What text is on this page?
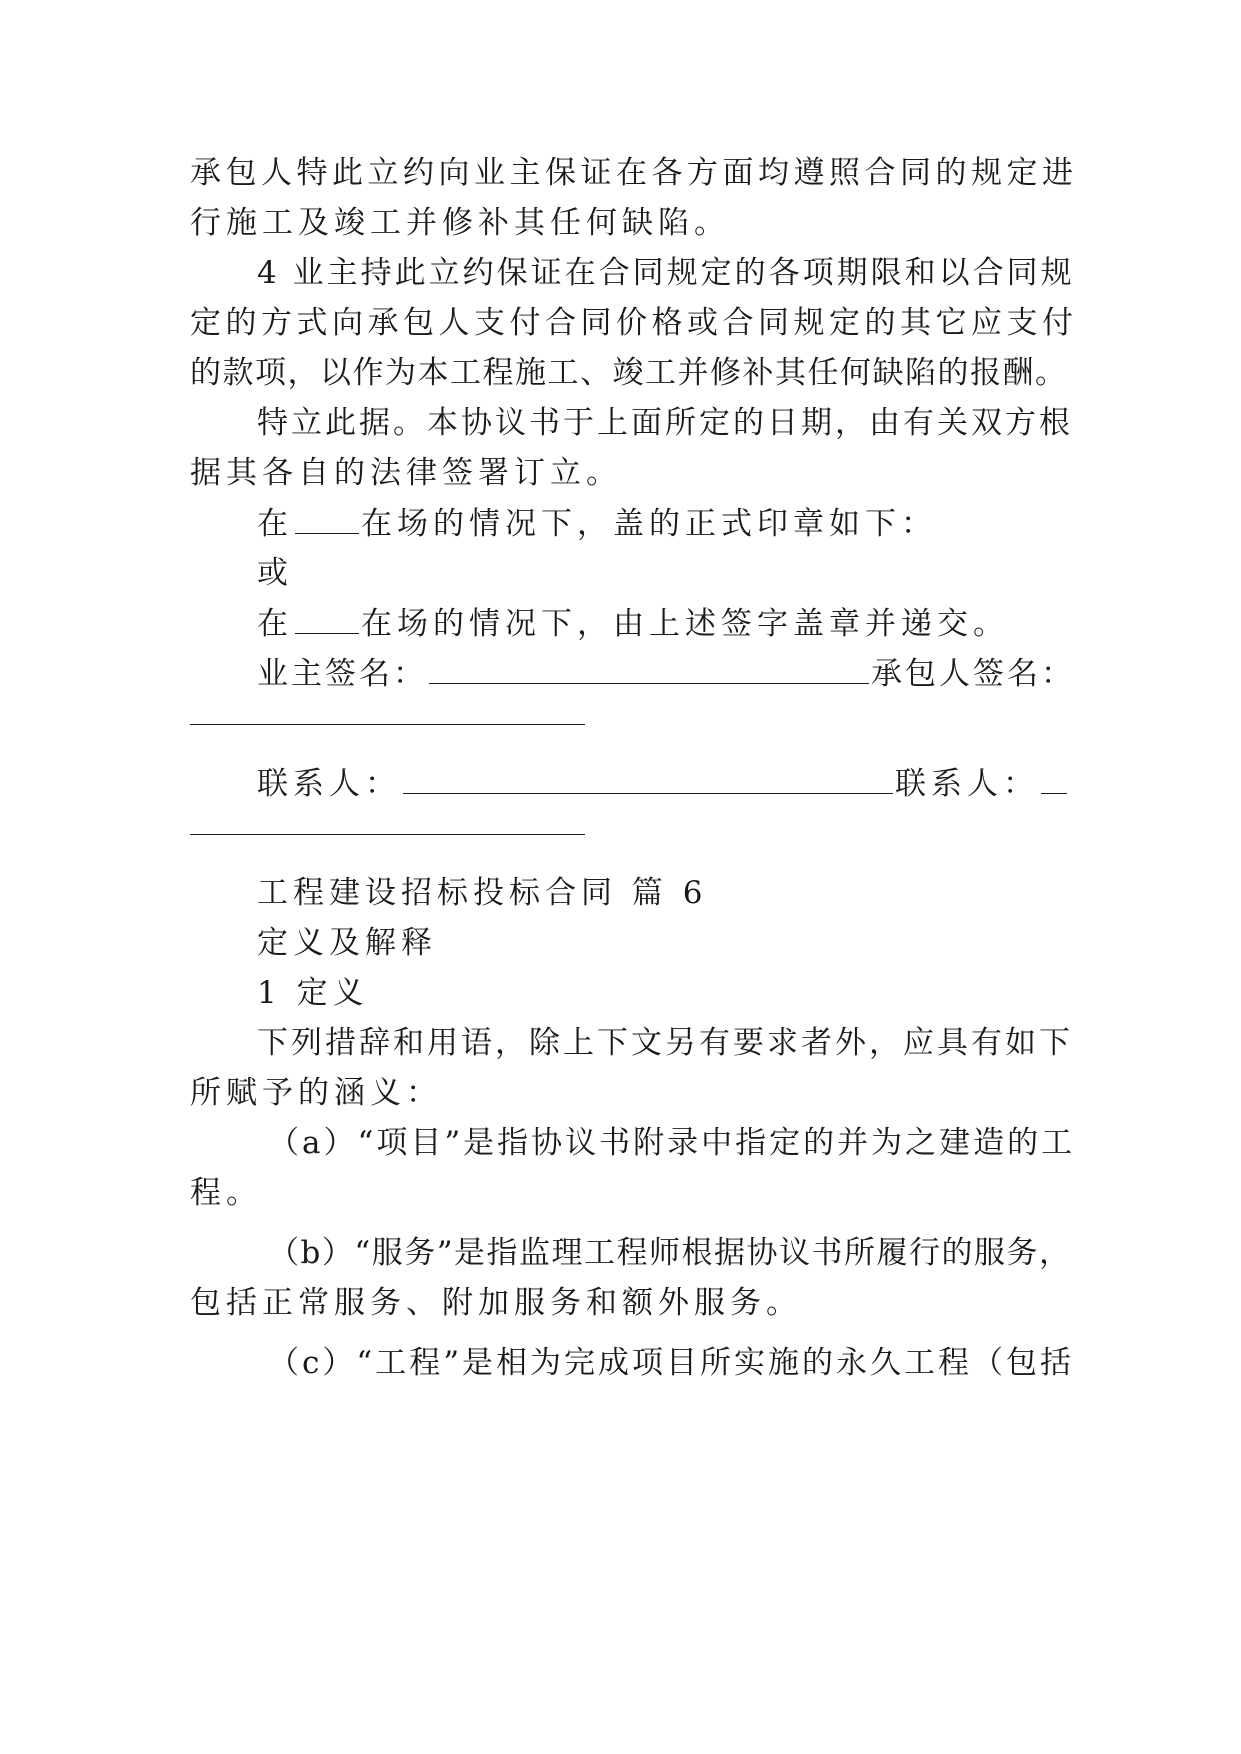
承包人特此立约向业主保证在各方面均遵照合同的规定进
行施工及竣工并修补其任何缺陷。
4 业主持此立约保证在合同规定的各项期限和以合同规
定的方式向承包人支付合同价格或合同规定的其它应支付
的款项，以作为本工程施工、竣工并修补其任何缺陷的报酬。
特立此据。本协议书于上面所定的日期，由有关双方根
据其各自的法律签署订立。
在 在场的情况下，盖的正式印章如下：
或
在 在场的情况下，由上述签字盖章并递交。
业主签名：	承包人签名：
联系人：	联系人：
工程建设招标投标合同 篇 6
定义及解释
1 定义
下列措辞和用语，除上下文另有要求者外，应具有如下
所赋予的涵义：
（a）“项目”是指协议书附录中指定的并为之建造的工
程。
（b）“服务”是指监理工程师根据协议书所履行的服务，
包括正常服务、附加服务和额外服务。
（c）“工程”是相为完成项目所实施的永久工程（包括
